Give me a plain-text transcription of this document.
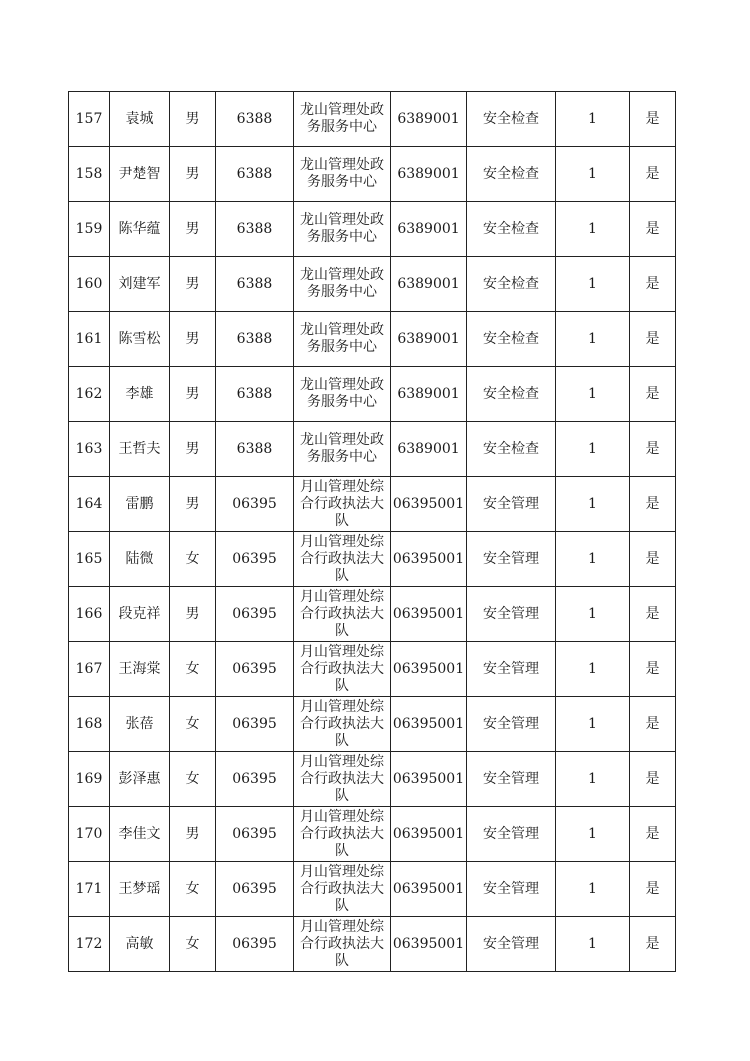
157	袁城	男	6388	龙山管理处政务服务中心	6389001	安全检查	1	是

158	尹楚智	男	6388	龙山管理处政务服务中心	6389001	安全检查	1	是

159	陈华蕴	男	6388	龙山管理处政务服务中心	6389001	安全检查	1	是

160	刘建军	男	6388	龙山管理处政务服务中心	6389001	安全检查	1	是

161	陈雪松	男	6388	龙山管理处政务服务中心	6389001	安全检查	1	是

162	李雄	男	6388	龙山管理处政务服务中心	6389001	安全检查	1	是

163	王哲夫	男	6388	龙山管理处政务服务中心	6389001	安全检查	1	是

164	雷鹏	男	06395	月山管理处综合行政执法大队	06395001	安全管理	1	是

165	陆微	女	06395	月山管理处综合行政执法大队	06395001	安全管理	1	是

166	段克祥	男	06395	月山管理处综合行政执法大队	06395001	安全管理	1	是

167	王海棠	女	06395	月山管理处综合行政执法大队	06395001	安全管理	1	是

168	张蓓	女	06395	月山管理处综合行政执法大队	06395001	安全管理	1	是

169	彭泽惠	女	06395	月山管理处综合行政执法大队	06395001	安全管理	1	是

170	李佳文	男	06395	月山管理处综合行政执法大队	06395001	安全管理	1	是

171	王梦瑶	女	06395	月山管理处综合行政执法大队	06395001	安全管理	1	是

172	高敏	女	06395	月山管理处综合行政执法大队	06395001	安全管理	1	是
